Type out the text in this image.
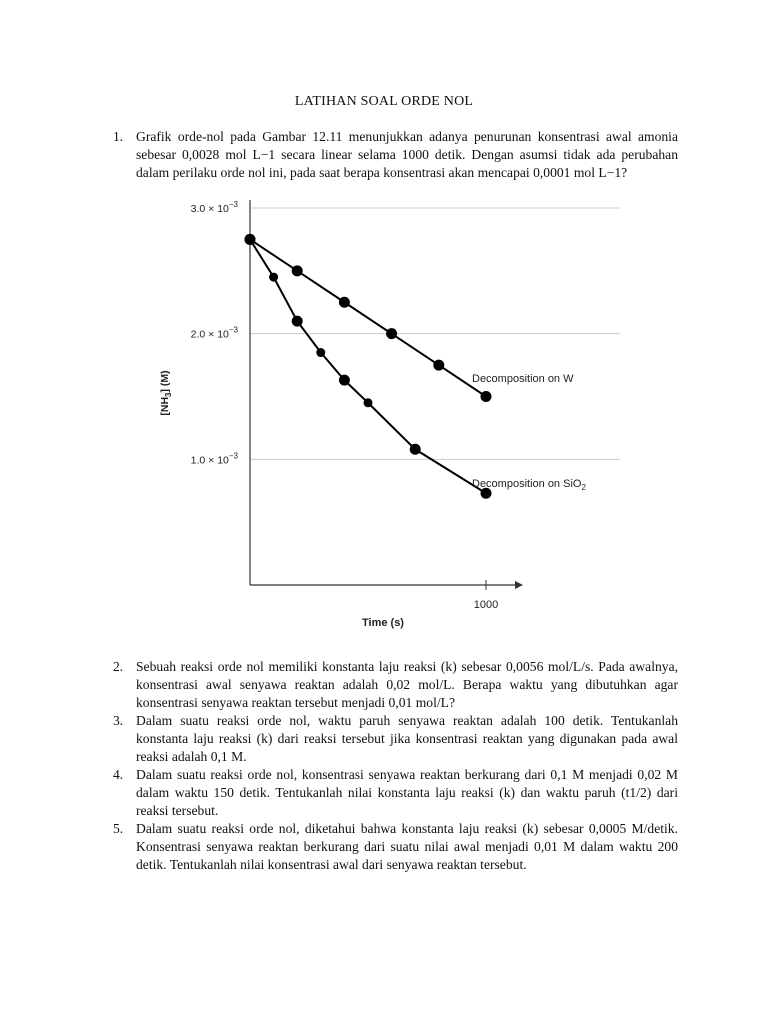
LATIHAN SOAL ORDE NOL
1. Grafik orde-nol pada Gambar 12.11 menunjukkan adanya penurunan konsentrasi awal amonia sebesar 0,0028 mol L−1 secara linear selama 1000 detik. Dengan asumsi tidak ada perubahan dalam perilaku orde nol ini, pada saat berapa konsentrasi akan mencapai 0,0001 mol L−1?
$1.0 \times 10^{-3}$
$2.0 \times 10^{-3}$
$3.0 \times 10^{-3}$
1000
Time (s)
$[NH_3]$ (M)	Decomposition on W
Decomposition on SiO$_2$
2. Sebuah reaksi orde nol memiliki konstanta laju reaksi (k) sebesar 0,0056 mol/L/s. Pada awalnya, konsentrasi awal senyawa reaktan adalah 0,02 mol/L. Berapa waktu yang dibutuhkan agar konsentrasi senyawa reaktan tersebut menjadi 0,01 mol/L?
3. Dalam suatu reaksi orde nol, waktu paruh senyawa reaktan adalah 100 detik. Tentukanlah konstanta laju reaksi (k) dari reaksi tersebut jika konsentrasi reaktan yang digunakan pada awal reaksi adalah 0,1 M.
4. Dalam suatu reaksi orde nol, konsentrasi senyawa reaktan berkurang dari 0,1 M menjadi 0,02 M dalam waktu 150 detik. Tentukanlah nilai konstanta laju reaksi (k) dan waktu paruh (t1/2) dari reaksi tersebut.
5. Dalam suatu reaksi orde nol, diketahui bahwa konstanta laju reaksi (k) sebesar 0,0005 M/detik. Konsentrasi senyawa reaktan berkurang dari suatu nilai awal menjadi 0,01 M dalam waktu 200 detik. Tentukanlah nilai konsentrasi awal dari senyawa reaktan tersebut.
